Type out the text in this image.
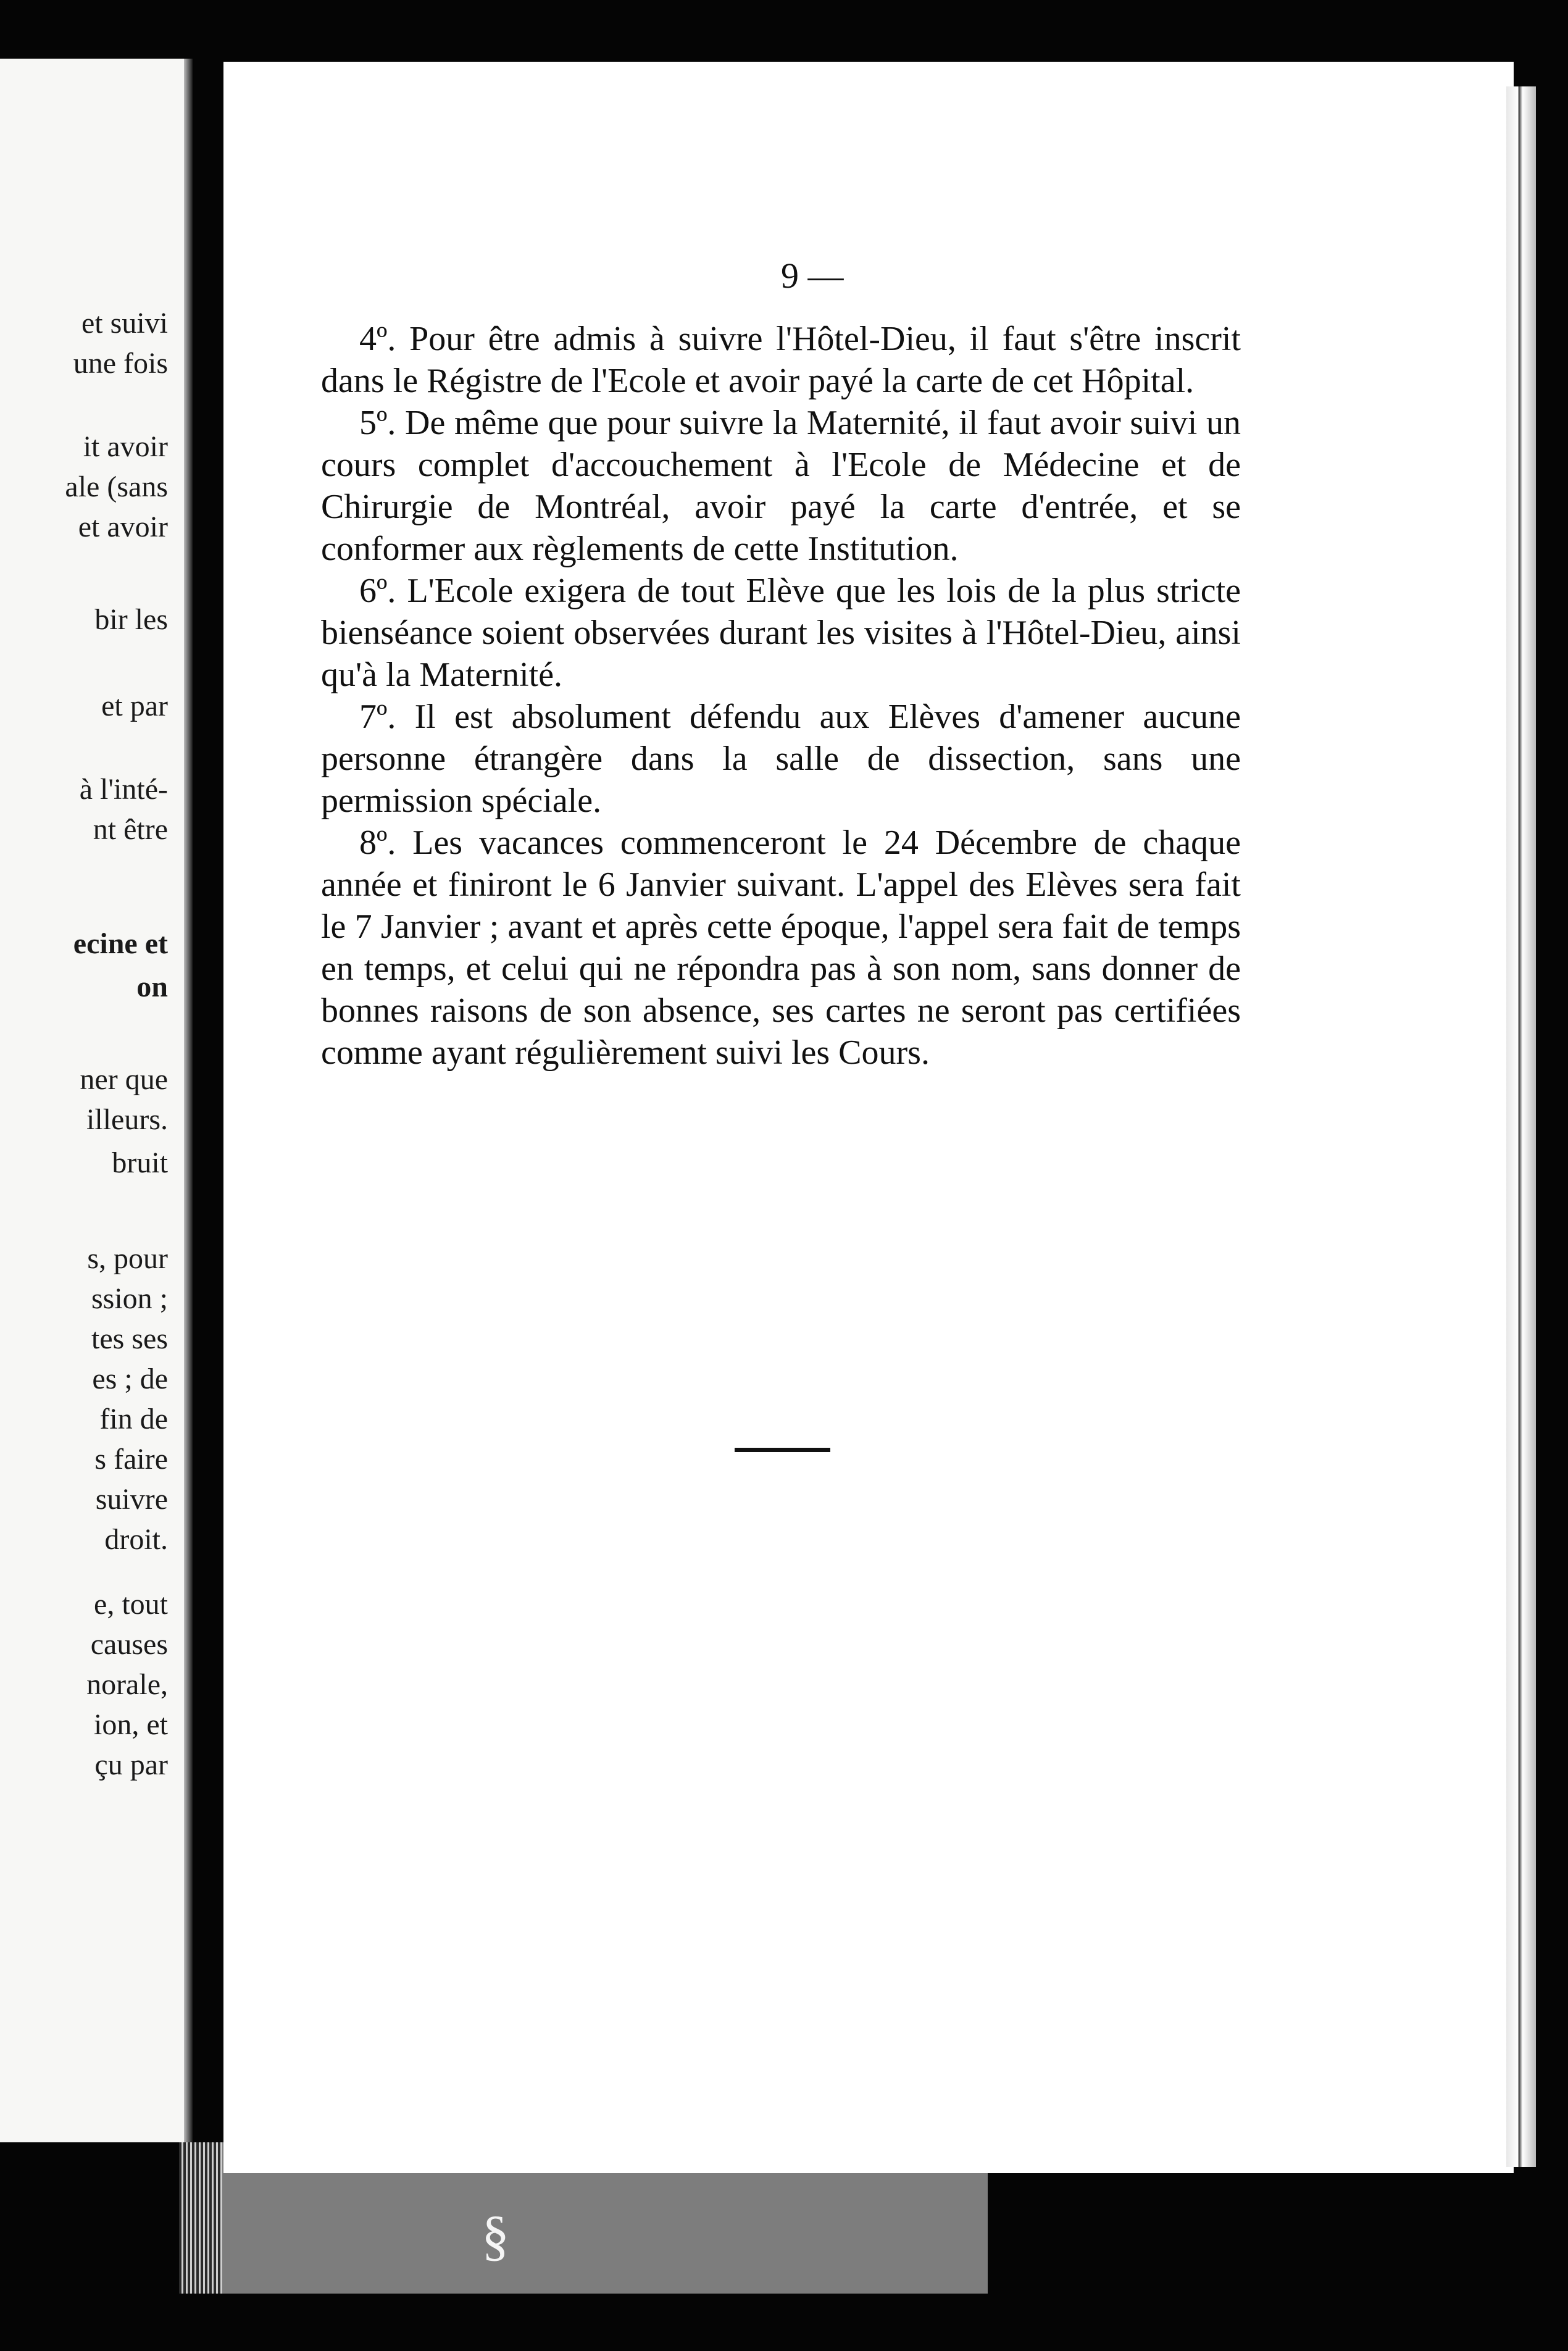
et suivi
une fois
it avoir
ale (sans
et avoir
bir les
et par
à l'inté-
nt être
ecine et
on
ner que
illeurs.
bruit
s, pour
ssion ;
tes ses
es ; de
fin de
s faire
suivre
droit.
e, tout
causes
norale,
ion, et
çu par
§
9 —

4º. Pour être admis à suivre l'Hôtel-Dieu, il faut s'être inscrit dans le Régistre de l'Ecole et avoir payé la carte de cet Hôpital.

5º. De même que pour suivre la Maternité, il faut avoir suivi un cours complet d'accouchement à l'Ecole de Médecine et de Chirurgie de Montréal, avoir payé la carte d'entrée, et se conformer aux règlements de cette Institution.

6º. L'Ecole exigera de tout Elève que les lois de la plus stricte bienséance soient observées durant les visites à l'Hôtel-Dieu, ainsi qu'à la Maternité.

7º. Il est absolument défendu aux Elèves d'amener aucune personne étrangère dans la salle de dissection, sans une permission spéciale.

8º. Les vacances commenceront le 24 Décembre de chaque année et finiront le 6 Janvier suivant. L'appel des Elèves sera fait le 7 Janvier ; avant et après cette époque, l'appel sera fait de temps en temps, et celui qui ne répondra pas à son nom, sans donner de bonnes raisons de son absence, ses cartes ne seront pas certifiées comme ayant régulièrement suivi les Cours.
